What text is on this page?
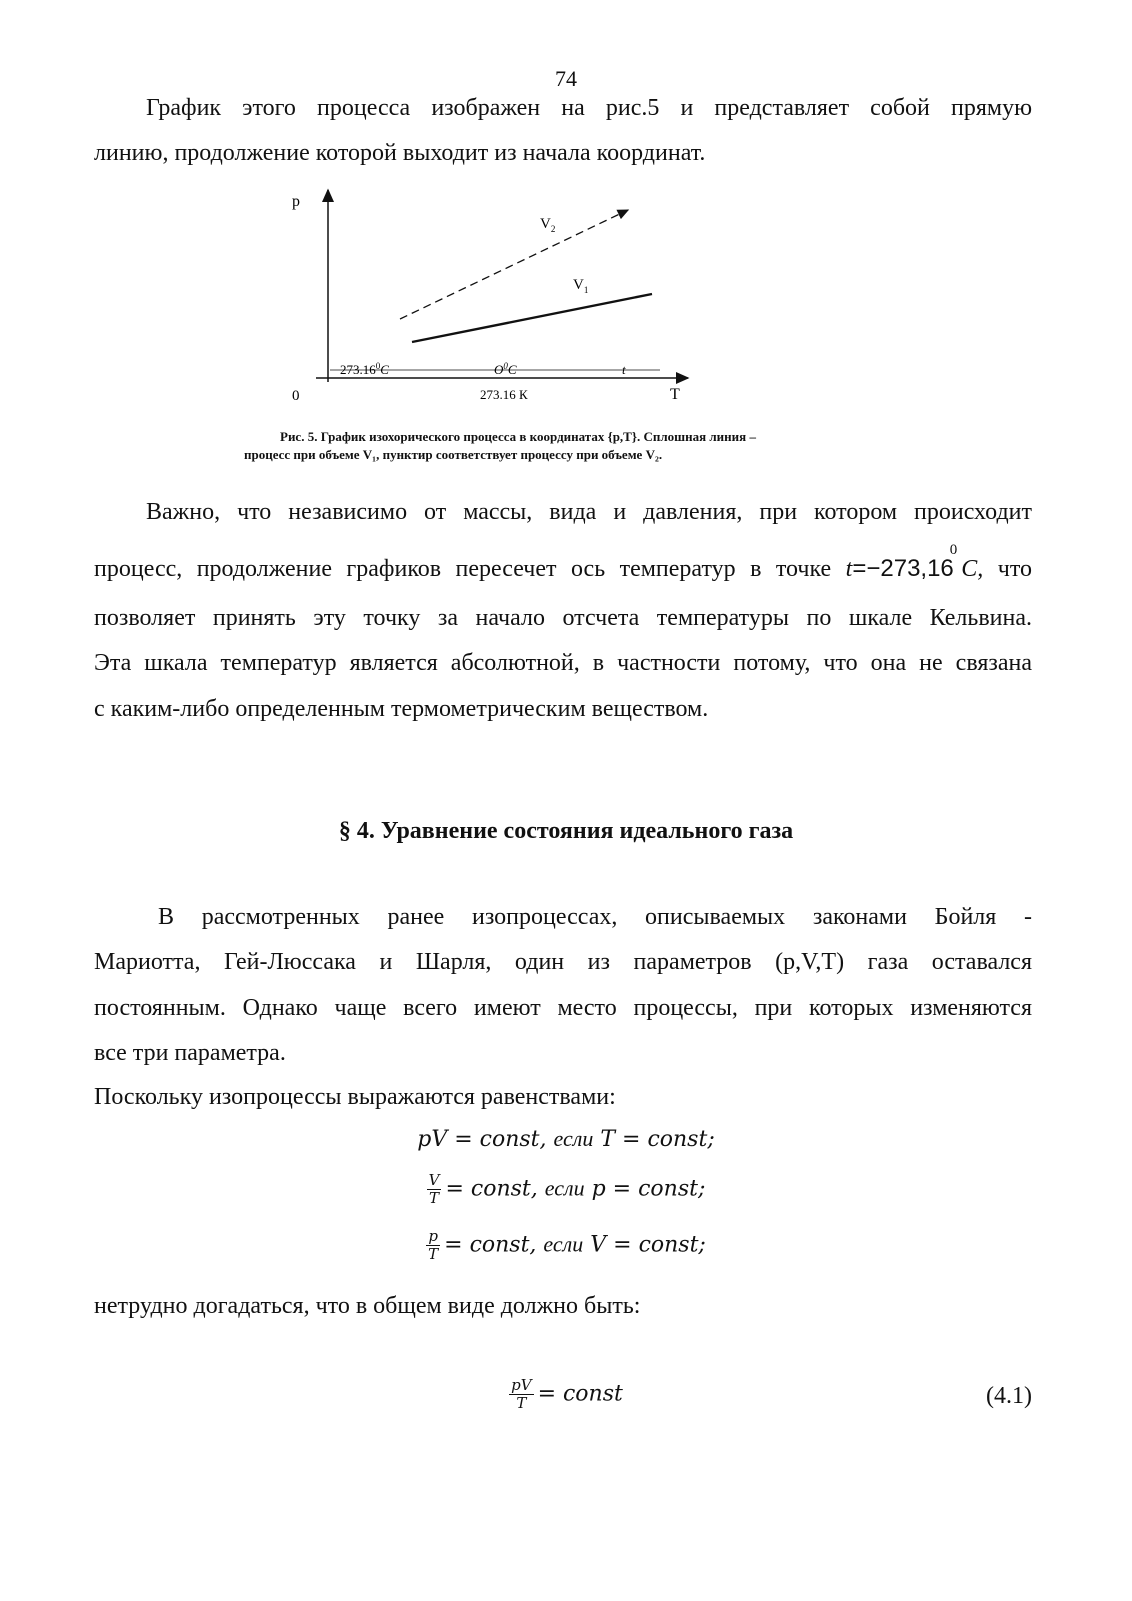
74
График этого процесса изображен на рис.5 и представляет собой прямую
линию, продолжение которой выходит из начала координат.
p
T
0
273.16$^0$C	$O^0C$	t
273.16 К
$V_2$
$V_1$
Рис. 5. График изохорического процесса в координатах {p,T}. Сплошная линия –
процесс при объеме V₁, пунктир соответствует процессу при объеме V₂.
Важно, что независимо от массы, вида и давления, при котором происходит
процесс, продолжение графиков пересечет ось температур в точке $t=-273,16^0C$, что
позволяет принять эту точку за начало отсчета температуры по шкале Кельвина.
Эта шкала температур является абсолютной, в частности потому, что она не связана
с каким-либо определенным термометрическим веществом.
§ 4. Уравнение состояния идеального газа
В рассмотренных ранее изопроцессах, описываемых законами Бойля -
Мариотта, Гей-Люссака и Шарля, один из параметров (p,V,T) газа оставался
постоянным. Однако чаще всего имеют место процессы, при которых изменяются
все три параметра.
Поскольку изопроцессы выражаются равенствами:
pV = const, если T = const;
$\frac{V}{T}$ = const, если p = const;
$\frac{p}{T}$ = const, если V = const;
нетрудно догадаться, что в общем виде должно быть:
$\frac{pV}{T}$ = const	(4.1)
